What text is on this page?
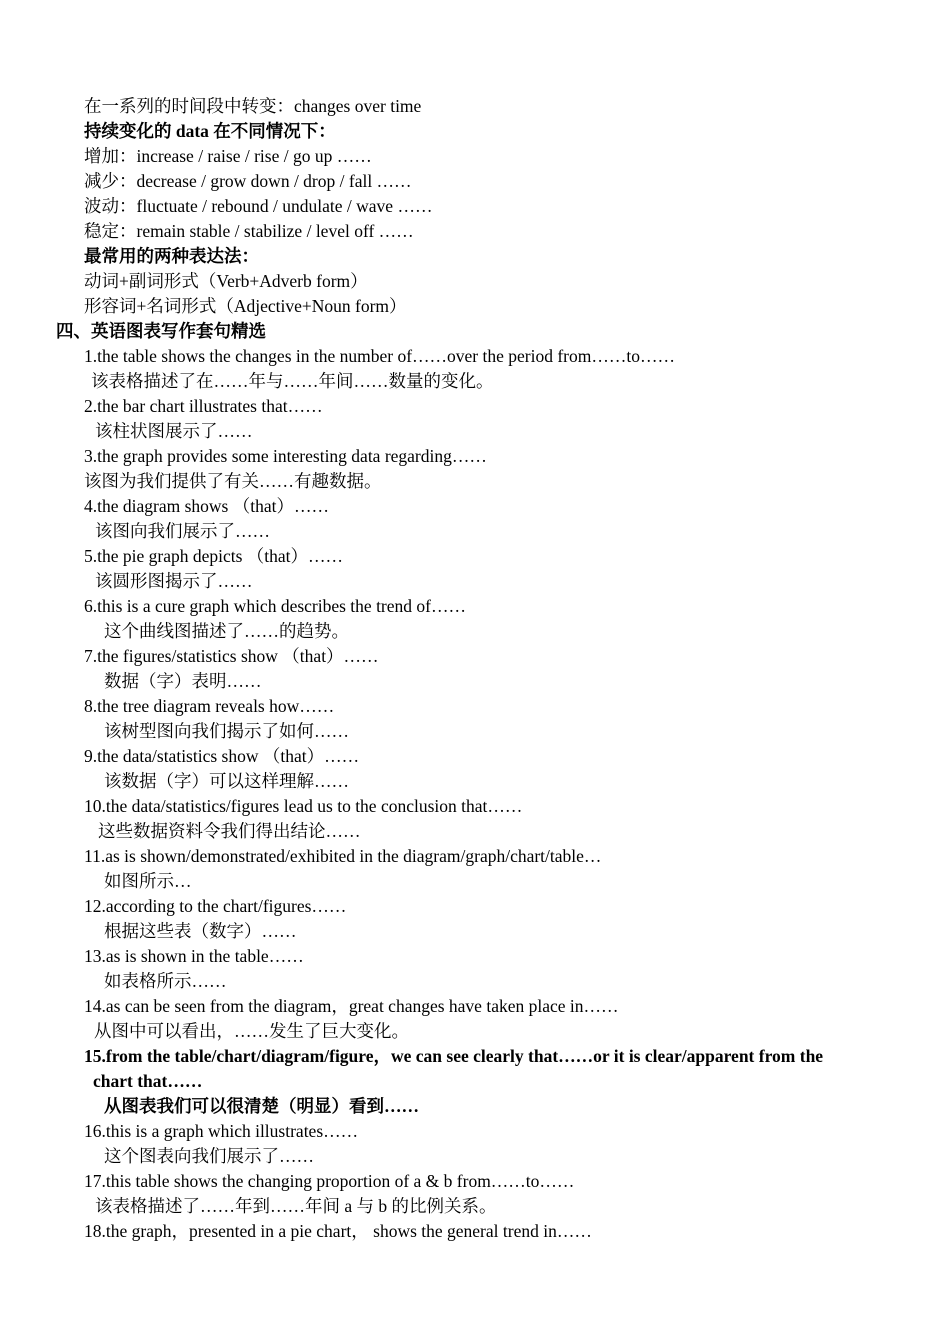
在一系列的时间段中转变：changes over time
持续变化的 data 在不同情况下：
增加：increase / raise / rise / go up ……
减少：decrease / grow down / drop / fall ……
波动：fluctuate / rebound / undulate / wave ……
稳定：remain stable / stabilize / level off ……
最常用的两种表达法：
动词+副词形式（Verb+Adverb form）
形容词+名词形式（Adjective+Noun form）
四、英语图表写作套句精选
1.the table shows the changes in the number of……over the period from……to……
该表格描述了在……年与……年间……数量的变化。
2.the bar chart illustrates that……
该柱状图展示了……
3.the graph provides some interesting data regarding……
该图为我们提供了有关……有趣数据。
4.the diagram shows （that）……
该图向我们展示了……
5.the pie graph depicts （that）……
该圆形图揭示了……
6.this is a cure graph which describes the trend of……
这个曲线图描述了……的趋势。
7.the figures/statistics show （that）……
数据（字）表明……
8.the tree diagram reveals how……
该树型图向我们揭示了如何……
9.the data/statistics show （that）……
该数据（字）可以这样理解……
10.the data/statistics/figures lead us to the conclusion that……
这些数据资料令我们得出结论……
11.as is shown/demonstrated/exhibited in the diagram/graph/chart/table…
如图所示…
12.according to the chart/figures……
根据这些表（数字）……
13.as is shown in the table……
如表格所示……
14.as can be seen from the diagram，great changes have taken place in……
从图中可以看出，……发生了巨大变化。
15.from the table/chart/diagram/figure，we can see clearly that……or it is clear/apparent from the
chart that……
从图表我们可以很清楚（明显）看到……
16.this is a graph which illustrates……
这个图表向我们展示了……
17.this table shows the changing proportion of a & b from……to……
该表格描述了……年到……年间 a 与 b 的比例关系。
18.the graph，presented in a pie chart， shows the general trend in……
